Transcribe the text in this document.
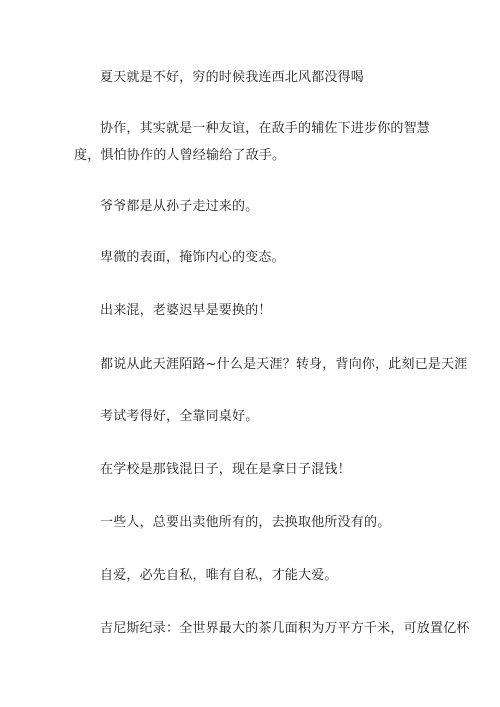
夏天就是不好，穷的时候我连西北风都没得喝

协作，其实就是一种友谊，在敌手的辅佐下进步你的智慧度，惧怕协作的人曾经输给了敌手。

爷爷都是从孙子走过来的。

卑微的表面，掩饰内心的变态。

出来混，老婆迟早是要换的！

都说从此天涯陌路~什么是天涯？转身，背向你，此刻已是天涯

考试考得好，全靠同桌好。

在学校是那钱混日子，现在是拿日子混钱！

一些人，总要出卖他所有的，去换取他所没有的。

自爱，必先自私，唯有自私，才能大爱。

吉尼斯纪录：全世界最大的茶几面积为万平方千米，可放置亿杯
